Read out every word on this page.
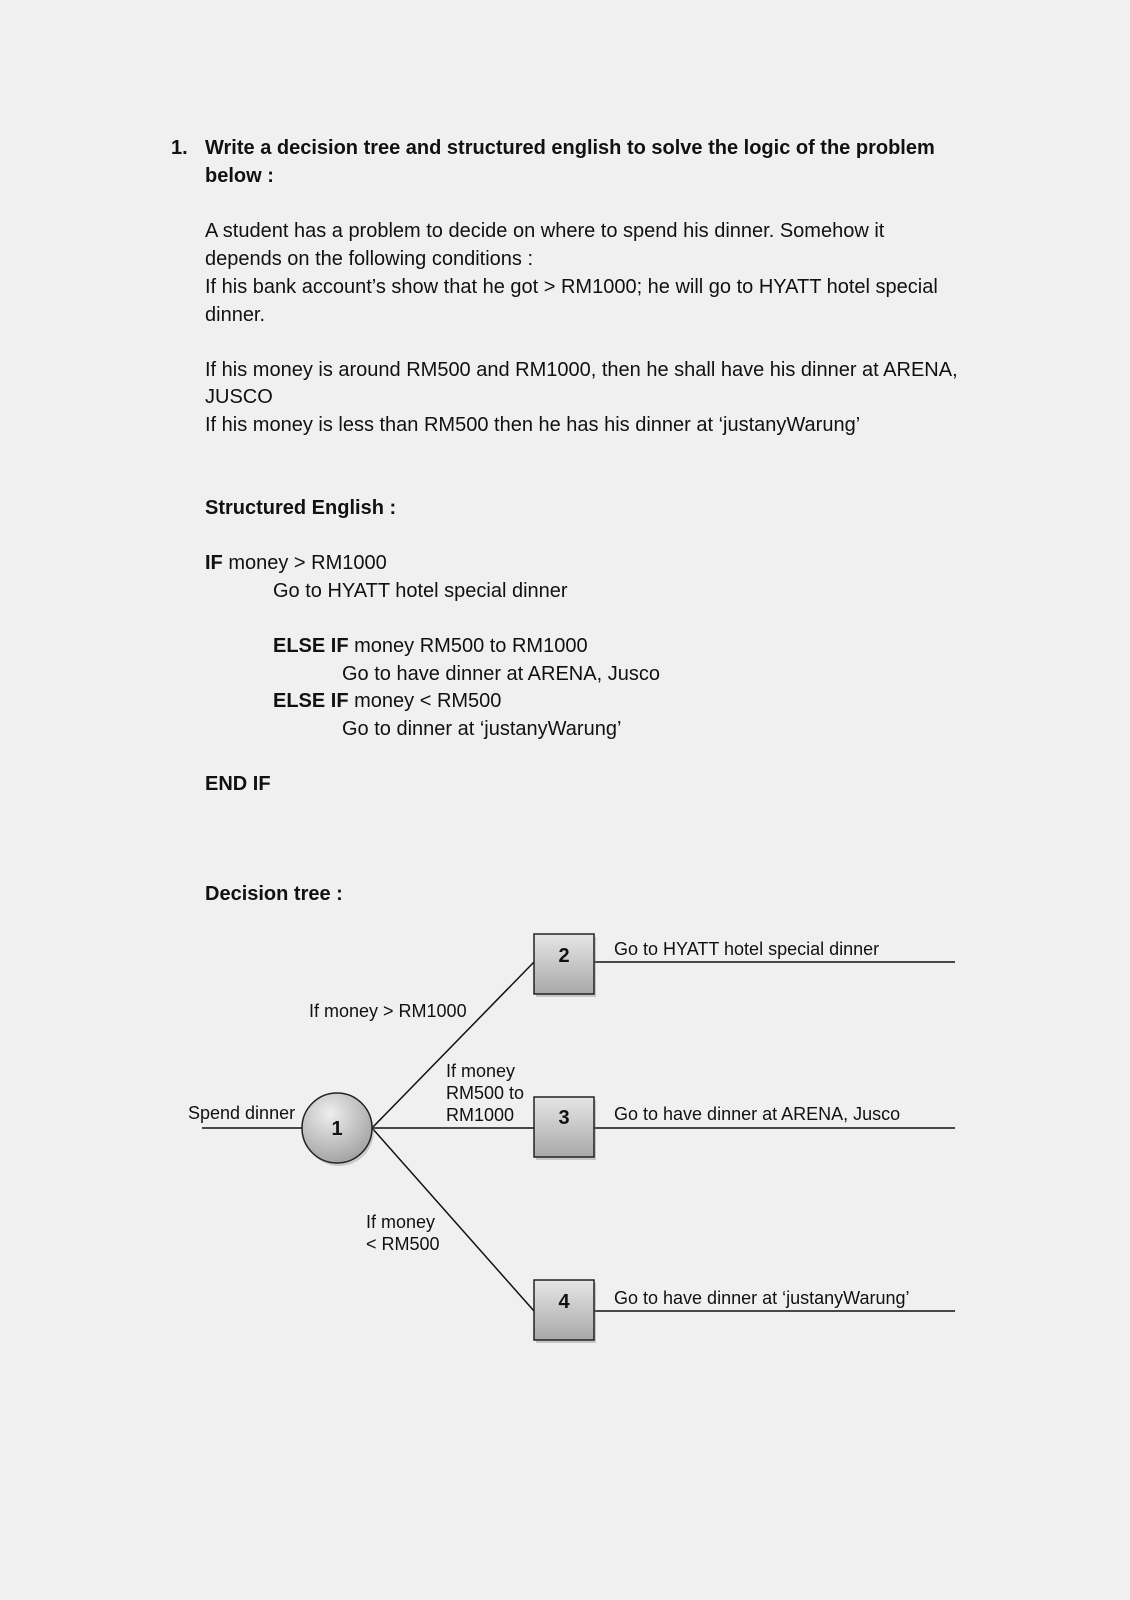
1. Write a decision tree and structured english to solve the logic of the problem
below :
A student has a problem to decide on where to spend his dinner. Somehow it
depends on the following conditions :
If his bank account’s show that he got > RM1000; he will go to HYATT hotel special
dinner.
If his money is around RM500 and RM1000, then he shall have his dinner at ARENA,
JUSCO
If his money is less than RM500 then he has his dinner at ‘justanyWarung’
Structured English :
IF money > RM1000
Go to HYATT hotel special dinner
ELSE IF money RM500 to RM1000
Go to have dinner at ARENA, Jusco
ELSE IF money < RM500
Go to dinner at ‘justanyWarung’
END IF
Decision tree :
1
2
3
4
Spend dinner
If money > RM1000
If money
RM500 to
RM1000
If money
< RM500
Go to HYATT hotel special dinner
Go to have dinner at ARENA, Jusco
Go to have dinner at ‘justanyWarung’
